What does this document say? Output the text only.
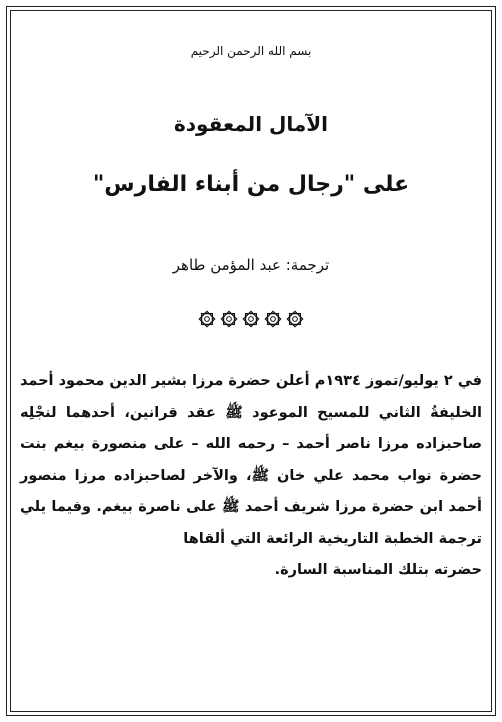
بسم الله الرحمن الرحيم
الآمال المعقودة
على "رجال من أبناء الفارس"
ترجمة: عبد المؤمن طاهر
في ٢ يوليو/تموز ١٩٣٤م أعلن حضرة مرزا بشير الدين محمود أحمد الخليفةُ الثاني للمسيح الموعود ﷺ عقد قرانين، أحدهما لنجْلِه صاحبزاده مرزا ناصر أحمد – رحمه الله – على منصورة بيغم بنت حضرة نواب محمد علي خان ﷺ، والآخر لصاحبزاده مرزا منصور أحمد ابن حضرة مرزا شريف أحمد ﷺ على ناصرة بيغم. وفيما يلي ترجمة الخطبة التاريخية الرائعة التي ألقاها
حضرته بتلك المناسبة السارة.
